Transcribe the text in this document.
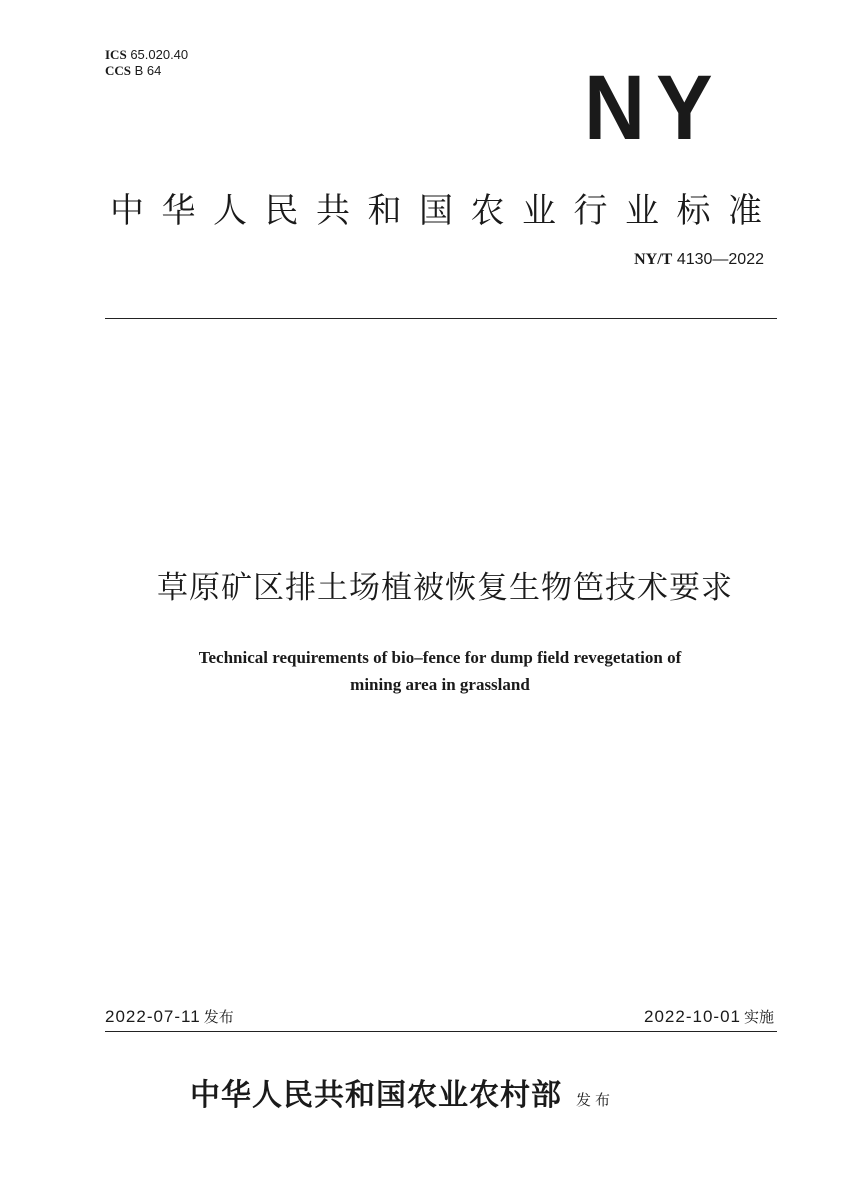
ICS 65.020.40
CCS B 64	NY
中华人民共和国农业行业标准
NY/T 4130—2022
草原矿区排土场植被恢复生物笆技术要求
Technical requirements of bio–fence for dump field revegetation of
mining area in grassland
2022-07-11 发布	2022-10-01 实施
中华人民共和国农业农村部 发布
